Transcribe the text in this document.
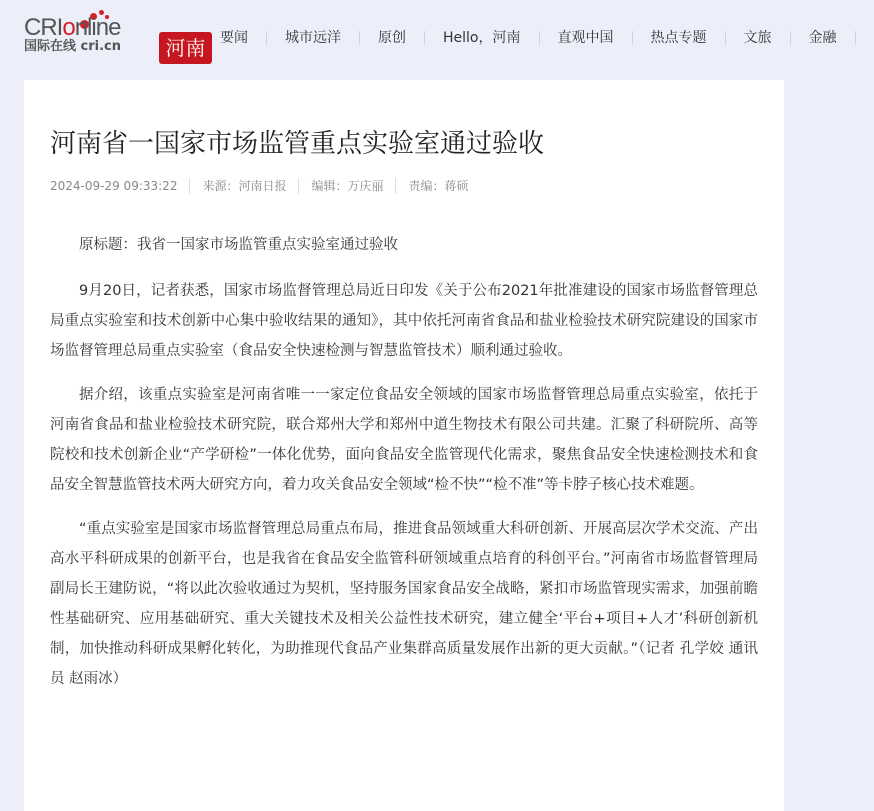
CRIonline
国际在线 cri.cn	河南	要闻	城市远洋	原创	Hello，河南	直观中国	热点专题	文旅	金融
河南省一国家市场监管重点实验室通过验收
2024-09-29 09:33:22 来源：河南日报 编辑：万庆丽 责编：蒋硕

原标题：我省一国家市场监管重点实验室通过验收

9月20日，记者获悉，国家市场监督管理总局近日印发《关于公布2021年批准建设的国家市场监督管理总局重点实验室和技术创新中心集中验收结果的通知》，其中依托河南省食品和盐业检验技术研究院建设的国家市场监督管理总局重点实验室（食品安全快速检测与智慧监管技术）顺利通过验收。

据介绍，该重点实验室是河南省唯一一家定位食品安全领域的国家市场监督管理总局重点实验室，依托于河南省食品和盐业检验技术研究院，联合郑州大学和郑州中道生物技术有限公司共建。汇聚了科研院所、高等院校和技术创新企业“产学研检”一体化优势，面向食品安全监管现代化需求，聚焦食品安全快速检测技术和食品安全智慧监管技术两大研究方向，着力攻关食品安全领域“检不快”“检不准”等卡脖子核心技术难题。

“重点实验室是国家市场监督管理总局重点布局，推进食品领域重大科研创新、开展高层次学术交流、产出高水平科研成果的创新平台，也是我省在食品安全监管科研领域重点培育的科创平台。”河南省市场监督管理局副局长王建防说，“将以此次验收通过为契机，坚持服务国家食品安全战略，紧扣市场监管现实需求，加强前瞻性基础研究、应用基础研究、重大关键技术及相关公益性技术研究，建立健全‘平台+项目+人才’科研创新机制，加快推动科研成果孵化转化，为助推现代食品产业集群高质量发展作出新的更大贡献。”（记者 孔学姣 通讯员 赵雨冰）
